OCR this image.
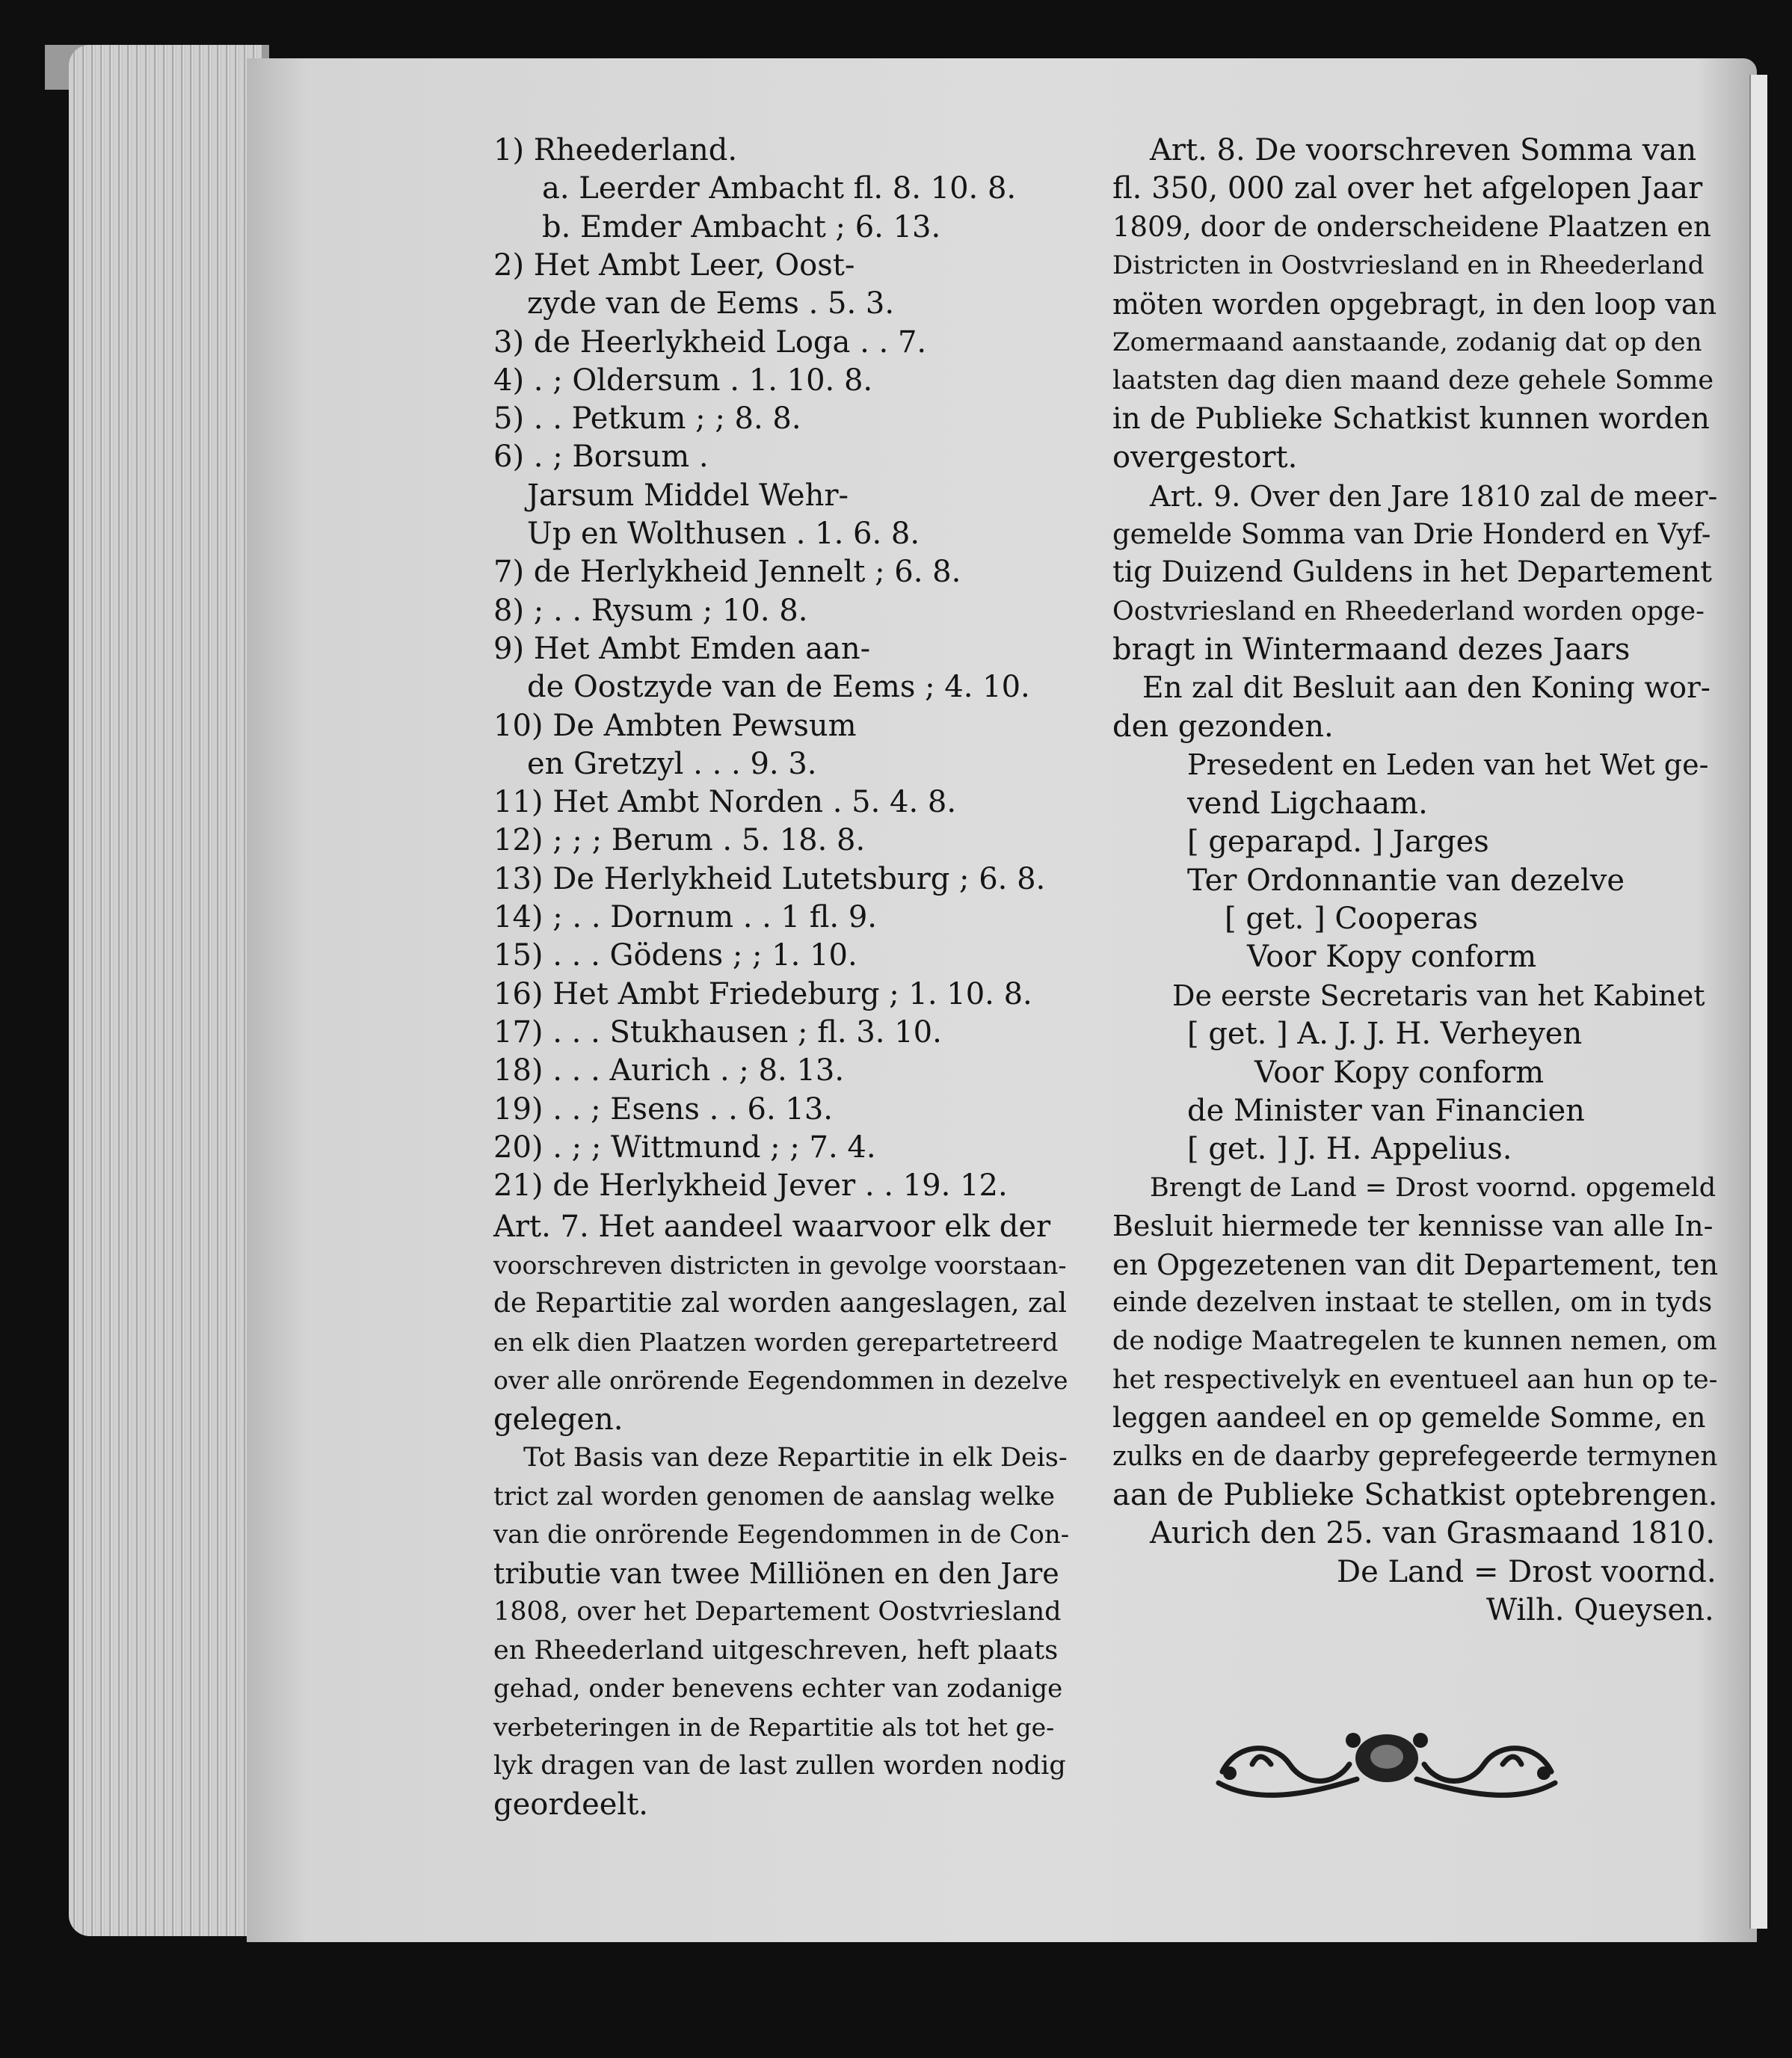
1) Rheederland.
a. Leerder Ambacht fl. 8. 10. 8.
b. Emder Ambacht ; 6. 13.
2) Het Ambt Leer, Oost-
zyde van de Eems . 5. 3.
3) de Heerlykheid Loga . . 7.
4) . ; Oldersum . 1. 10. 8.
5) . . Petkum ; ; 8. 8.
6) . ; Borsum .
Jarsum Middel Wehr-
Up en Wolthusen . 1. 6. 8.
7) de Herlykheid Jennelt ; 6. 8.
8) ; . . Rysum ; 10. 8.
9) Het Ambt Emden aan-
de Oostzyde van de Eems ; 4. 10.
10) De Ambten Pewsum
en Gretzyl . . . 9. 3.
11) Het Ambt Norden . 5. 4. 8.
12) ; ; ; Berum . 5. 18. 8.
13) De Herlykheid Lutetsburg ; 6. 8.
14) ; . . Dornum . . 1 fl. 9.
15) . . . Gödens ; ; 1. 10.
16) Het Ambt Friedeburg ; 1. 10. 8.
17) . . . Stukhausen ; fl. 3. 10.
18) . . . Aurich . ; 8. 13.
19) . . ; Esens . . 6. 13.
20) . ; ; Wittmund ; ; 7. 4.
21) de Herlykheid Jever . . 19. 12.
Art. 7. Het aandeel waarvoor elk der
voorschreven districten in gevolge voorstaan-
de Repartitie zal worden aangeslagen, zal
en elk dien Plaatzen worden gerepartetreerd
over alle onrörende Eegendommen in dezelve
gelegen.
Tot Basis van deze Repartitie in elk Deis-
trict zal worden genomen de aanslag welke
van die onrörende Eegendommen in de Con-
tributie van twee Milliönen en den Jare
1808, over het Departement Oostvriesland
en Rheederland uitgeschreven, heft plaats
gehad, onder benevens echter van zodanige
verbeteringen in de Repartitie als tot het ge-
lyk dragen van de last zullen worden nodig
geordeelt.
Art. 8. De voorschreven Somma van
fl. 350, 000 zal over het afgelopen Jaar
1809, door de onderscheidene Plaatzen en
Districten in Oostvriesland en in Rheederland
möten worden opgebragt, in den loop van
Zomermaand aanstaande, zodanig dat op den
laatsten dag dien maand deze gehele Somme
in de Publieke Schatkist kunnen worden
overgestort.
Art. 9. Over den Jare 1810 zal de meer-
gemelde Somma van Drie Honderd en Vyf-
tig Duizend Guldens in het Departement
Oostvriesland en Rheederland worden opge-
bragt in Wintermaand dezes Jaars
En zal dit Besluit aan den Koning wor-
den gezonden.
Presedent en Leden van het Wet ge-
vend Ligchaam.
[ geparapd. ] Jarges
Ter Ordonnantie van dezelve
[ get. ] Cooperas
Voor Kopy conform
De eerste Secretaris van het Kabinet
[ get. ] A. J. J. H. Verheyen
Voor Kopy conform
de Minister van Financien
[ get. ] J. H. Appelius.
Brengt de Land = Drost voornd. opgemeld
Besluit hiermede ter kennisse van alle In-
en Opgezetenen van dit Departement, ten
einde dezelven instaat te stellen, om in tyds
de nodige Maatregelen te kunnen nemen, om
het respectivelyk en eventueel aan hun op te-
leggen aandeel en op gemelde Somme, en
zulks en de daarby geprefegeerde termynen
aan de Publieke Schatkist optebrengen.
Aurich den 25. van Grasmaand 1810.
De Land = Drost voornd.
Wilh. Queysen.
